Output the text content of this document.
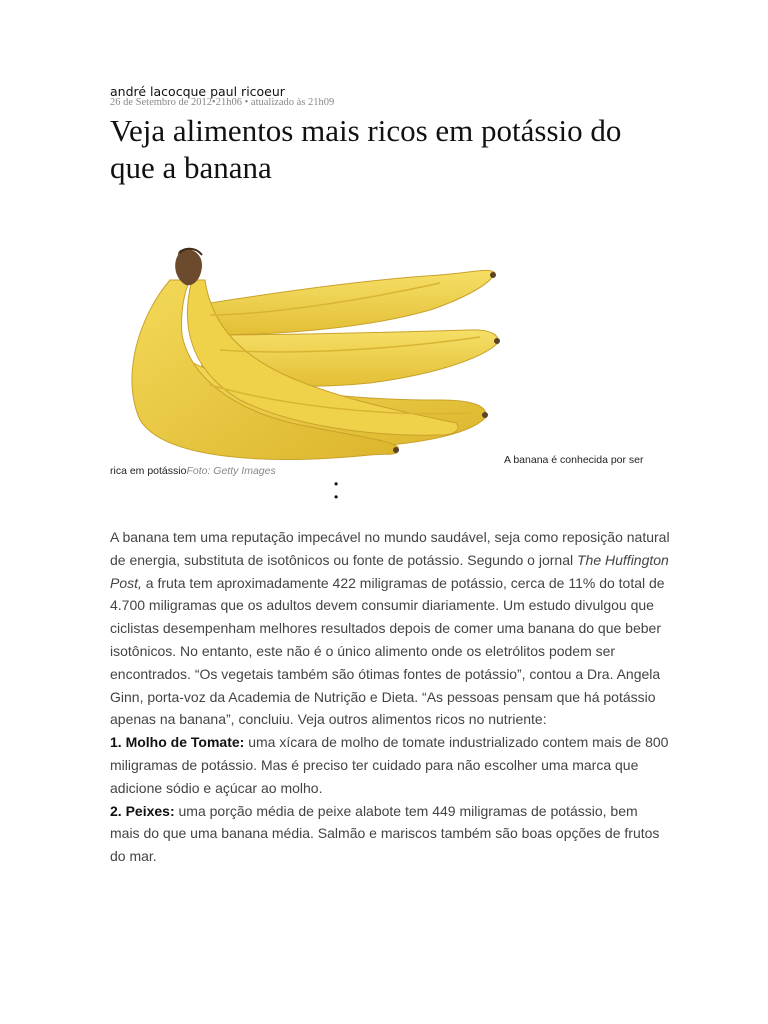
andré lacocque paul ricoeur
26 de Setembro de 2012•21h06 • atualizado às 21h09
Veja alimentos mais ricos em potássio do que a banana
A banana é conhecida por ser
rica em potássioFoto: Getty Images
•
•

A banana tem uma reputação impecável no mundo saudável, seja como reposição natural de energia, substituta de isotônicos ou fonte de potássio. Segundo o jornal The Huffington Post, a fruta tem aproximadamente 422 miligramas de potássio, cerca de 11% do total de 4.700 miligramas que os adultos devem consumir diariamente. Um estudo divulgou que ciclistas desempenham melhores resultados depois de comer uma banana do que beber isotônicos. No entanto, este não é o único alimento onde os eletrólitos podem ser encontrados. “Os vegetais também são ótimas fontes de potássio”, contou a Dra. Angela Ginn, porta-voz da Academia de Nutrição e Dieta. “As pessoas pensam que há potássio apenas na banana”, concluiu. Veja outros alimentos ricos no nutriente:

1. Molho de Tomate: uma xícara de molho de tomate industrializado contem mais de 800 miligramas de potássio. Mas é preciso ter cuidado para não escolher uma marca que adicione sódio e açúcar ao molho.

2. Peixes: uma porção média de peixe alabote tem 449 miligramas de potássio, bem mais do que uma banana média. Salmão e mariscos também são boas opções de frutos do mar.
